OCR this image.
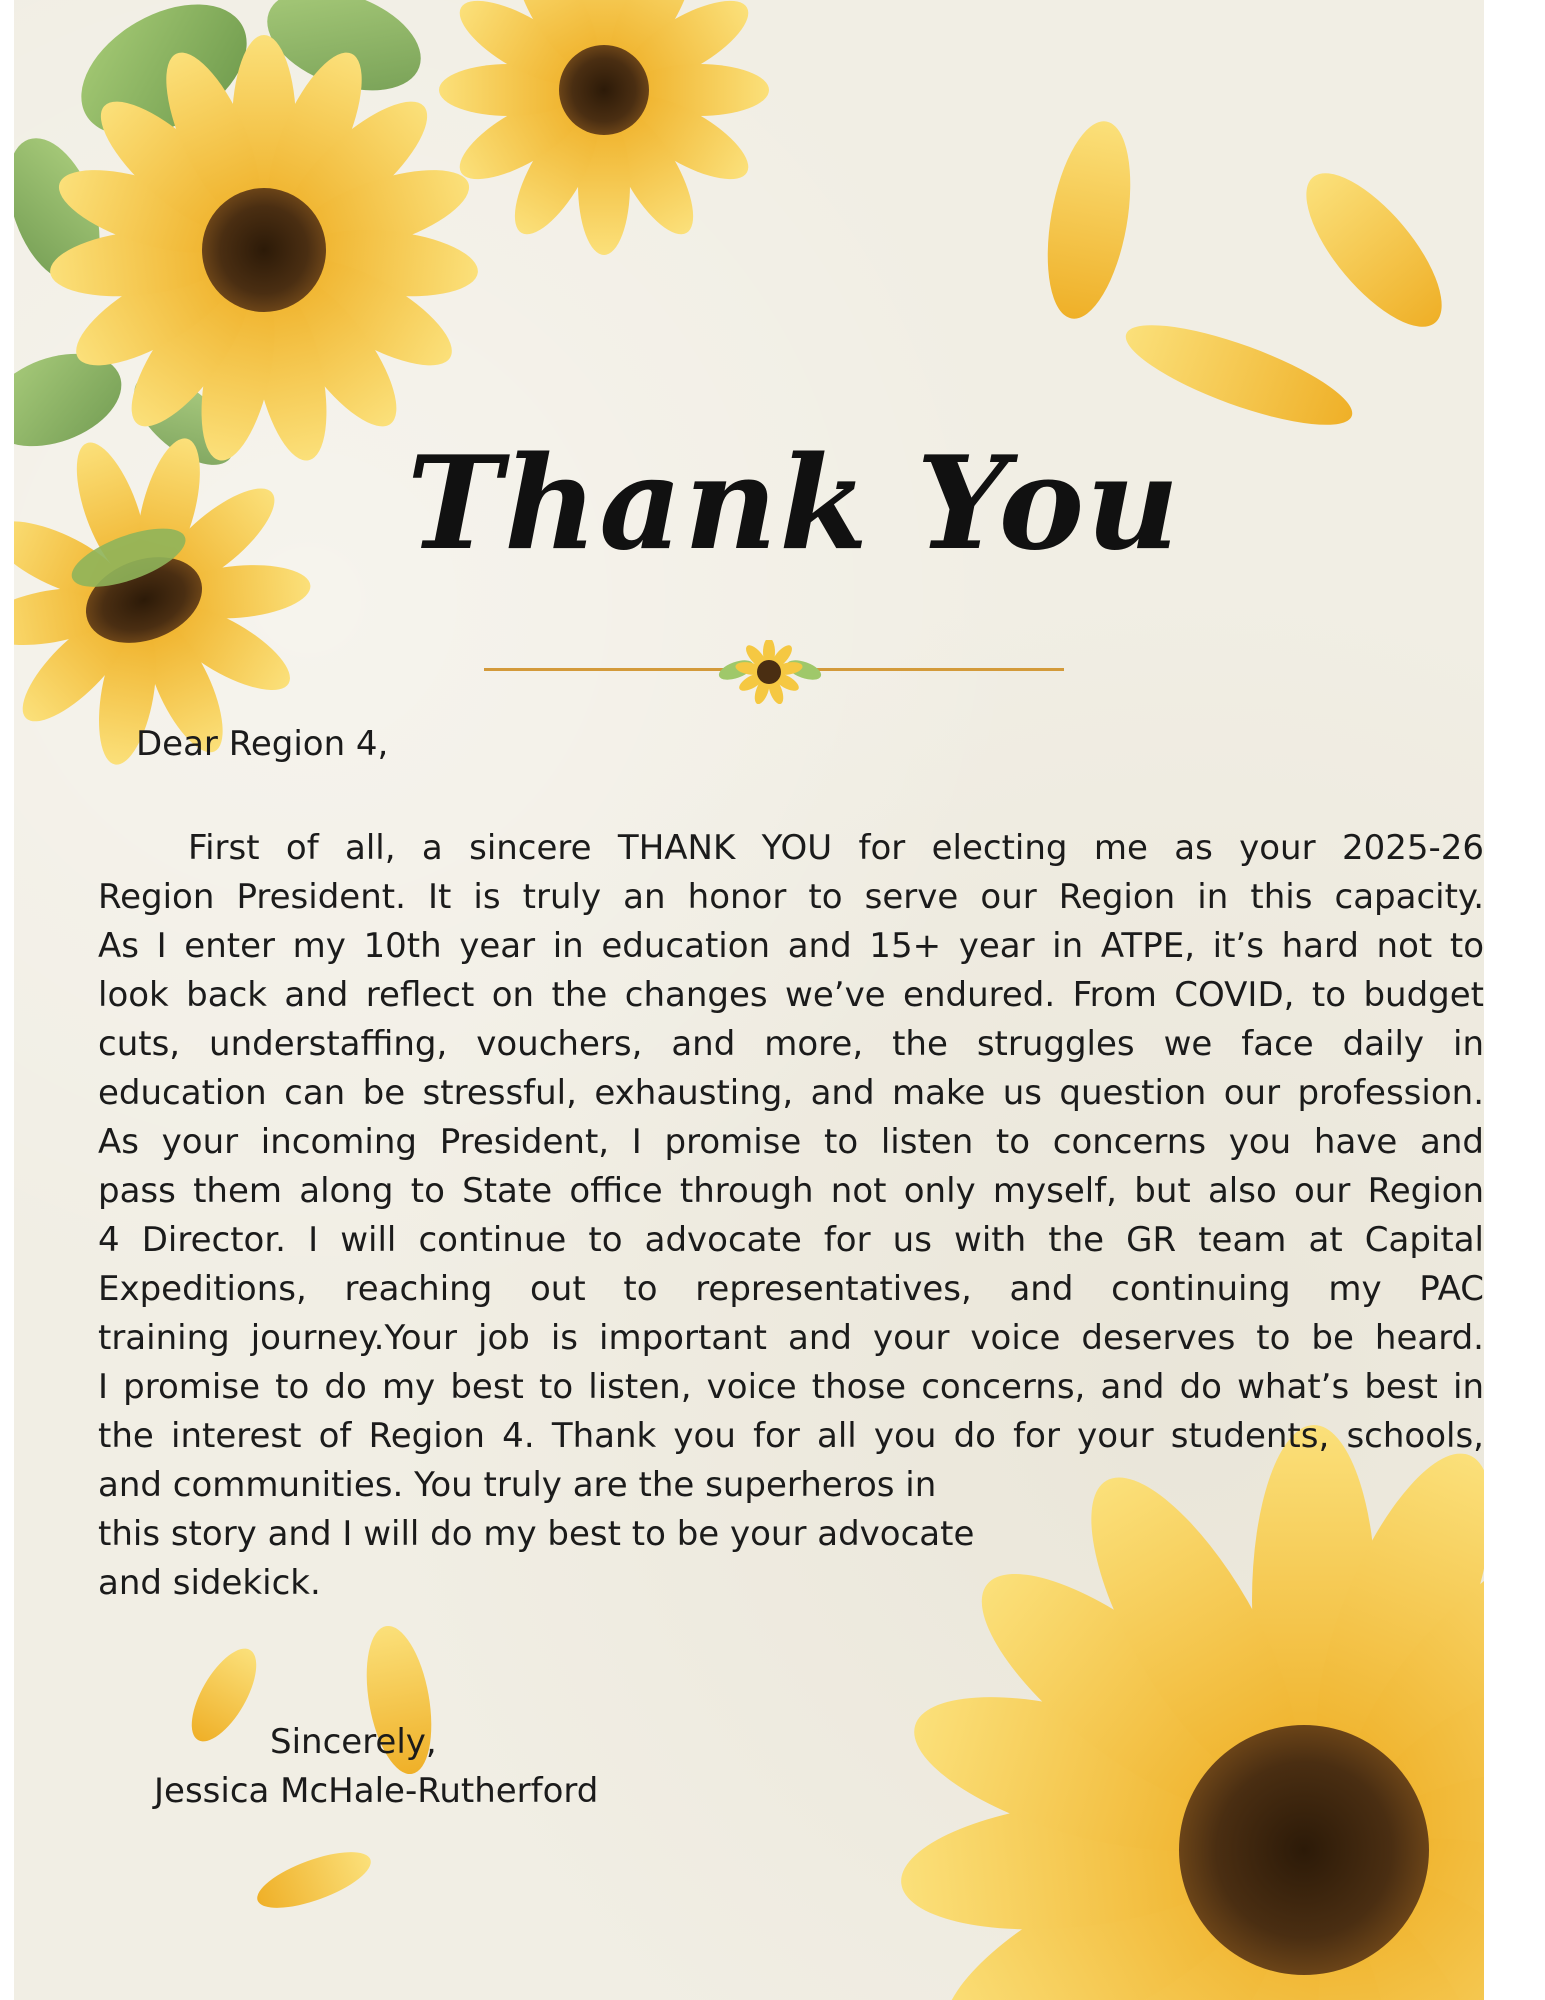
Thank You
Dear Region 4,
First of all, a sincere THANK YOU for electing me as your 2025-26
Region President. It is truly an honor to serve our Region in this capacity.
As I enter my 10th year in education and 15+ year in ATPE, it’s hard not to
look back and reflect on the changes we’ve endured. From COVID, to budget
cuts, understaffing, vouchers, and more, the struggles we face daily in
education can be stressful, exhausting, and make us question our profession.
As your incoming President, I promise to listen to concerns you have and
pass them along to State office through not only myself, but also our Region
4 Director. I will continue to advocate for us with the GR team at Capital
Expeditions, reaching out to representatives, and continuing my PAC
training journey.Your job is important and your voice deserves to be heard.
I promise to do my best to listen, voice those concerns, and do what’s best in
the interest of Region 4. Thank you for all you do for your students, schools,
and communities. You truly are the superheros in
this story and I will do my best to be your advocate
and sidekick.
Sincerely,
Jessica McHale-Rutherford
